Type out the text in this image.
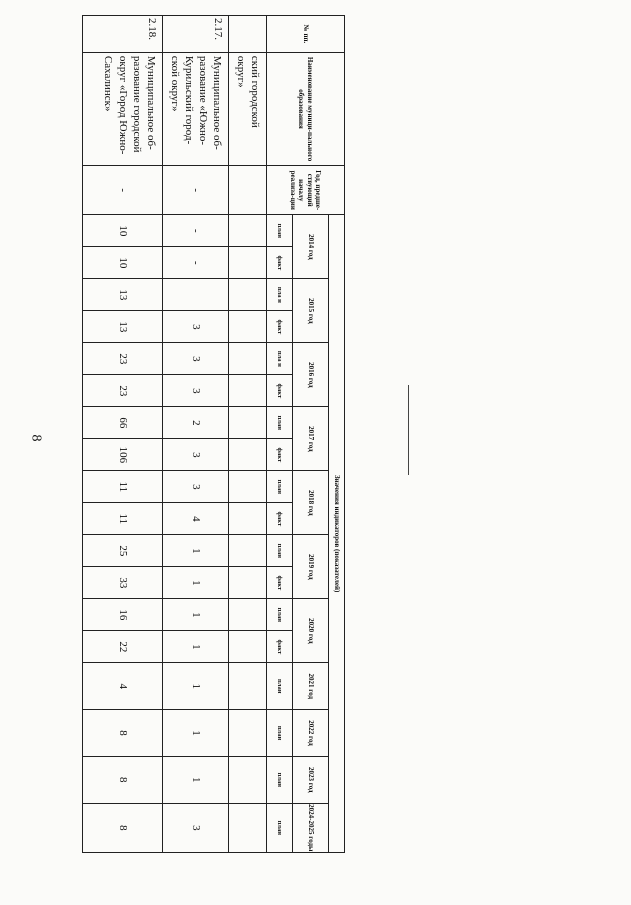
8
№ пп.	Наименование муници-пального образования	Год, предше-ствующий началу реализа-ции	Значения индикаторов (показателей)																	
			2014 год		2015 год		2016 год		2017 год		2018 год		2019 год		2020 год		2021 год	2022 год	2023 год	2024-2025 годы
			план	факт	пла н	факт	пла н	факт	план	факт	план	факт	план	факт	план	факт	план	план	план	план
	ский городской округ»																			
2.17.	Муниципальное об-разование «Южно-Курильский город-ской округ»	-	-	-		3	3	3	2	3	3	4	1	1	1	1	1	1	1	3
2.18.	Муниципальное об-разование городской округ «Город Южно-Сахалинск»	-	10	10	13	13	23	23	66	106	11	11	25	33	16	22	4	8	8	8
